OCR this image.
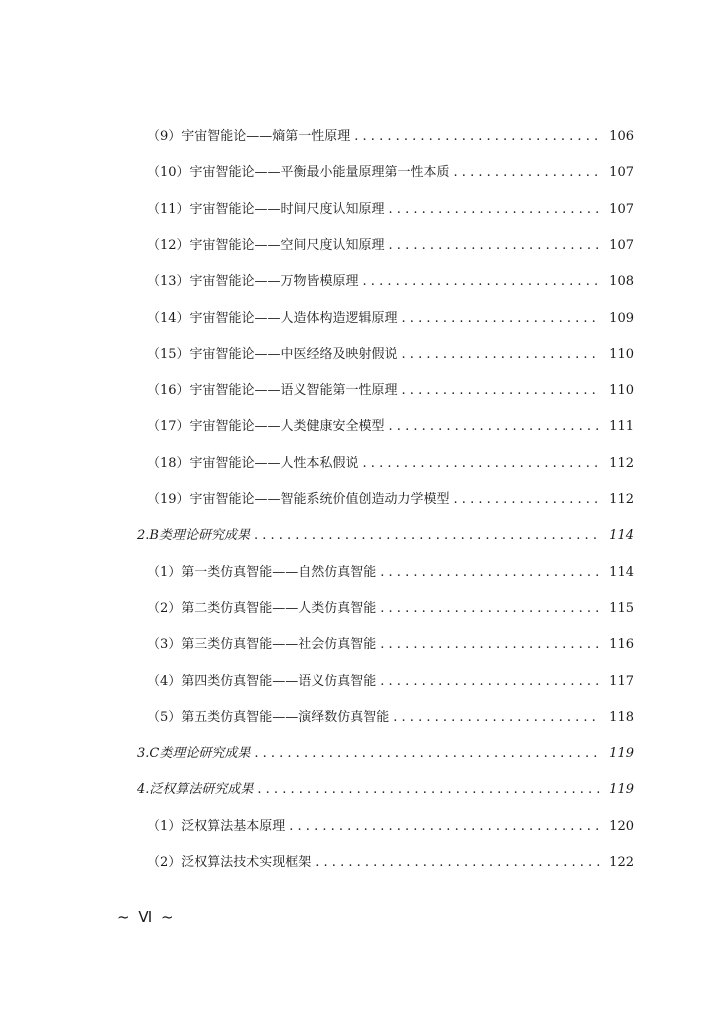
（9）宇宙智能论——熵第一性原理 . . .	106
（10）宇宙智能论——平衡最小能量原理第一性本质 . . .	107
（11）宇宙智能论——时间尺度认知原理 . . .	107
（12）宇宙智能论——空间尺度认知原理 . . .	107
（13）宇宙智能论——万物皆模原理 . . .	108
（14）宇宙智能论——人造体构造逻辑原理 . . .	109
（15）宇宙智能论——中医经络及映射假说 . . .	110
（16）宇宙智能论——语义智能第一性原理 . . .	110
（17）宇宙智能论——人类健康安全模型 . . .	111
（18）宇宙智能论——人性本私假说 . . .	112
（19）宇宙智能论——智能系统价值创造动力学模型 . . .	112
2.B类理论研究成果 . . .	114
（1）第一类仿真智能——自然仿真智能 . . .	114
（2）第二类仿真智能——人类仿真智能 . . .	115
（3）第三类仿真智能——社会仿真智能 . . .	116
（4）第四类仿真智能——语义仿真智能 . . .	117
（5）第五类仿真智能——演绎数仿真智能 . . .	118
3.C类理论研究成果 . . .	119
4.泛权算法研究成果 . . .	119
（1）泛权算法基本原理 . . .	120
（2）泛权算法技术实现框架 . . .	122
~ Ⅵ ~
